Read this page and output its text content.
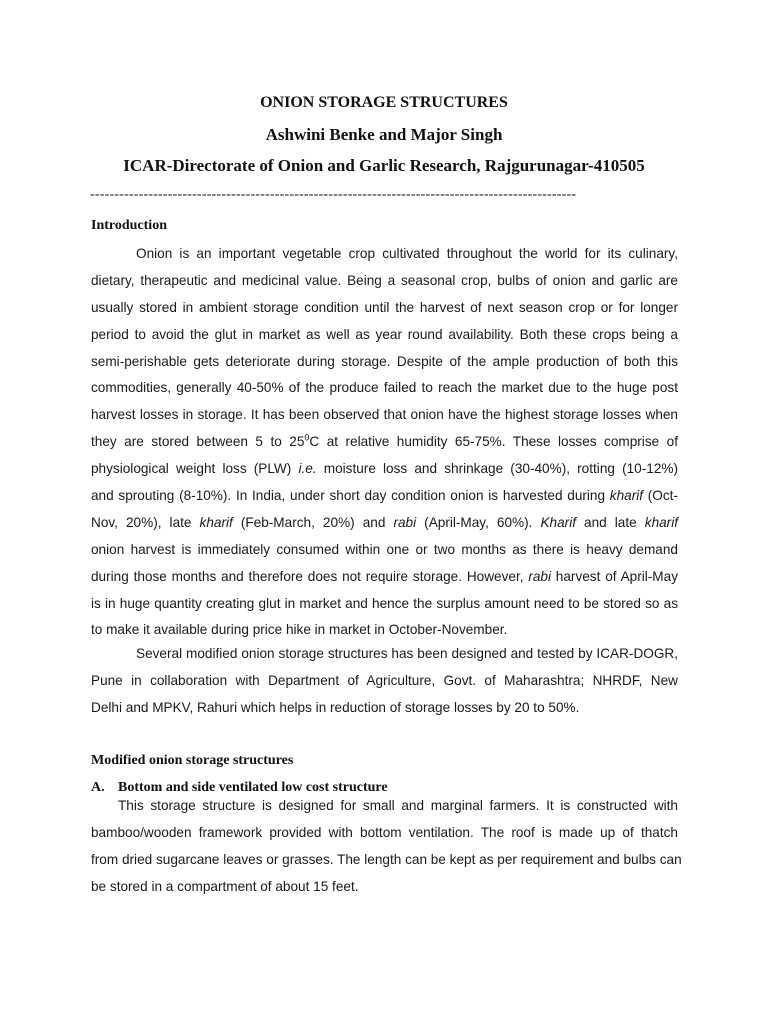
ONION STORAGE STRUCTURES
Ashwini Benke and Major Singh
ICAR-Directorate of Onion and Garlic Research, Rajgurunagar-410505
----------------------------------------------------------------------------------------------------
Introduction
Onion is an important vegetable crop cultivated throughout the world for its culinary,
dietary, therapeutic and medicinal value. Being a seasonal crop, bulbs of onion and garlic are
usually stored in ambient storage condition until the harvest of next season crop or for longer
period to avoid the glut in market as well as year round availability. Both these crops being a
semi-perishable gets deteriorate during storage. Despite of the ample production of both this
commodities, generally 40-50% of the produce failed to reach the market due to the huge post
harvest losses in storage. It has been observed that onion have the highest storage losses when
they are stored between 5 to $25^0C$ at relative humidity 65-75%. These losses comprise of
physiological weight loss (PLW) i.e. moisture loss and shrinkage (30-40%), rotting (10-12%)
and sprouting (8-10%). In India, under short day condition onion is harvested during kharif (Oct-
Nov, 20%), late kharif (Feb-March, 20%) and rabi (April-May, 60%). Kharif and late kharif
onion harvest is immediately consumed within one or two months as there is heavy demand
during those months and therefore does not require storage. However, rabi harvest of April-May
is in huge quantity creating glut in market and hence the surplus amount need to be stored so as
to make it available during price hike in market in October-November.
Several modified onion storage structures has been designed and tested by ICAR-DOGR,
Pune in collaboration with Department of Agriculture, Govt. of Maharashtra; NHRDF, New
Delhi and MPKV, Rahuri which helps in reduction of storage losses by 20 to 50%.
Modified onion storage structures
A. Bottom and side ventilated low cost structure
This storage structure is designed for small and marginal farmers. It is constructed with
bamboo/wooden framework provided with bottom ventilation. The roof is made up of thatch
from dried sugarcane leaves or grasses. The length can be kept as per requirement and bulbs can
be stored in a compartment of about 15 feet.
